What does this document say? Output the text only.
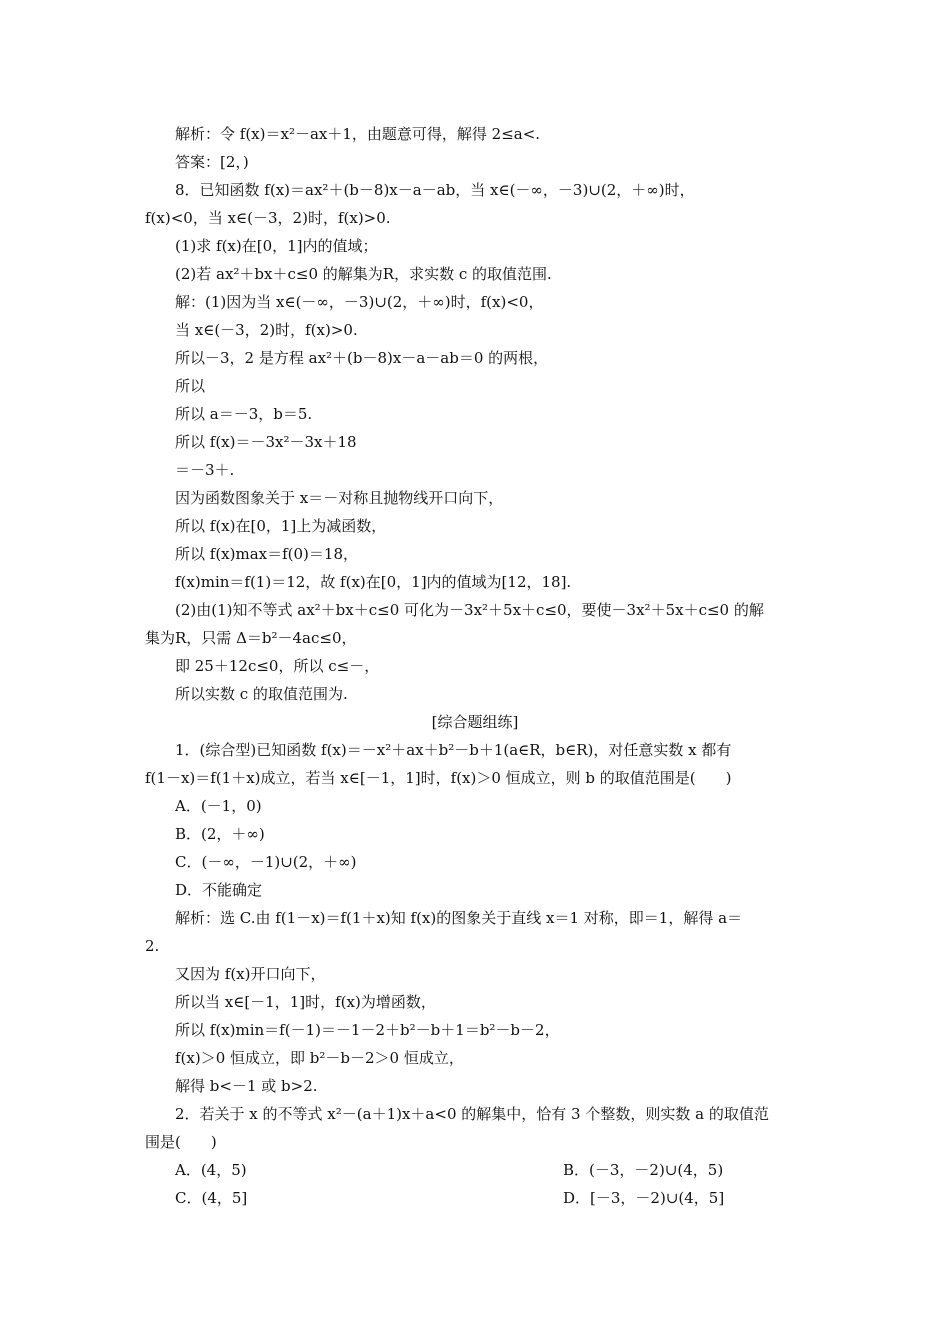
解析：令 f(x)＝x²－ax＋1，由题意可得，解得 2≤a<.
答案：[2，)
8．已知函数 f(x)＝ax²＋(b－8)x－a－ab，当 x∈(－∞，－3)∪(2，＋∞)时，
f(x)<0，当 x∈(－3，2)时，f(x)>0.
(1)求 f(x)在[0，1]内的值域；
(2)若 ax²＋bx＋c≤0 的解集为R，求实数 c 的取值范围.
解：(1)因为当 x∈(－∞，－3)∪(2，＋∞)时，f(x)<0，
当 x∈(－3，2)时，f(x)>0.
所以－3，2 是方程 ax²＋(b－8)x－a－ab＝0 的两根，
所以
所以 a＝－3，b＝5.
所以 f(x)＝－3x²－3x＋18
＝－3＋.
因为函数图象关于 x＝－对称且抛物线开口向下，
所以 f(x)在[0，1]上为减函数，
所以 f(x)max＝f(0)＝18，
f(x)min＝f(1)＝12，故 f(x)在[0，1]内的值域为[12，18].
(2)由(1)知不等式 ax²＋bx＋c≤0 可化为－3x²＋5x＋c≤0，要使－3x²＋5x＋c≤0 的解
集为R，只需 Δ＝b²－4ac≤0，
即 25＋12c≤0，所以 c≤－，
所以实数 c 的取值范围为.
[综合题组练]
1．(综合型)已知函数 f(x)＝－x²＋ax＋b²－b＋1(a∈R，b∈R)，对任意实数 x 都有
f(1－x)＝f(1＋x)成立，若当 x∈[－1，1]时，f(x)＞0 恒成立，则 b 的取值范围是(　　)
A．(－1，0)
B．(2，＋∞)
C．(－∞，－1)∪(2，＋∞)
D．不能确定
解析：选 C.由 f(1－x)＝f(1＋x)知 f(x)的图象关于直线 x＝1 对称，即＝1，解得 a＝
2.
又因为 f(x)开口向下，
所以当 x∈[－1，1]时，f(x)为增函数，
所以 f(x)min＝f(－1)＝－1－2＋b²－b＋1＝b²－b－2，
f(x)＞0 恒成立，即 b²－b－2＞0 恒成立，
解得 b<－1 或 b>2.
2．若关于 x 的不等式 x²－(a＋1)x＋a<0 的解集中，恰有 3 个整数，则实数 a 的取值范
围是(　　)
A．(4，5)	B．(－3，－2)∪(4，5)
C．(4，5]	D．[－3，－2)∪(4，5]
